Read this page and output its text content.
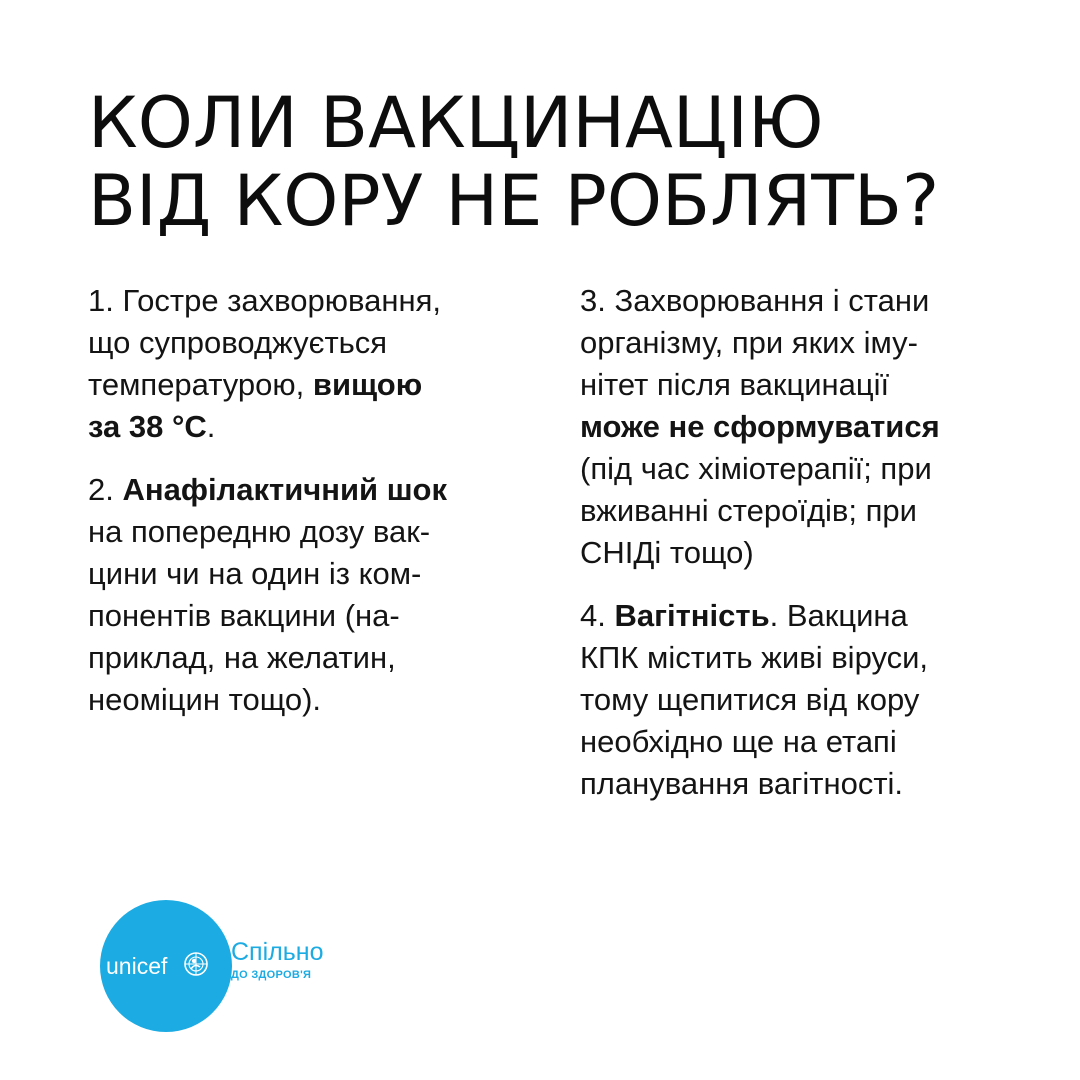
КОЛИ ВАКЦИНАЦІЮ
ВІД КОРУ НЕ РОБЛЯТЬ?
1. Гостре захворювання,
що супроводжується
температурою, вищою
за 38 °С.
2. Анафілактичний шок
на попередню дозу вак-
цини чи на один із ком-
понентів вакцини (на-
приклад, на желатин,
неоміцин тощо).
3. Захворювання і стани
організму, при яких іму-
нітет після вакцинації
може не сформуватися
(під час хіміотерапії; при
вживанні стероїдів; при
СНІДі тощо)
4. Вагітність. Вакцина
КПК містить живі віруси,
тому щепитися від кору
необхідно ще на етапі
планування вагітності.
unicef	Спільно
ДО ЗДОРОВ'Я
